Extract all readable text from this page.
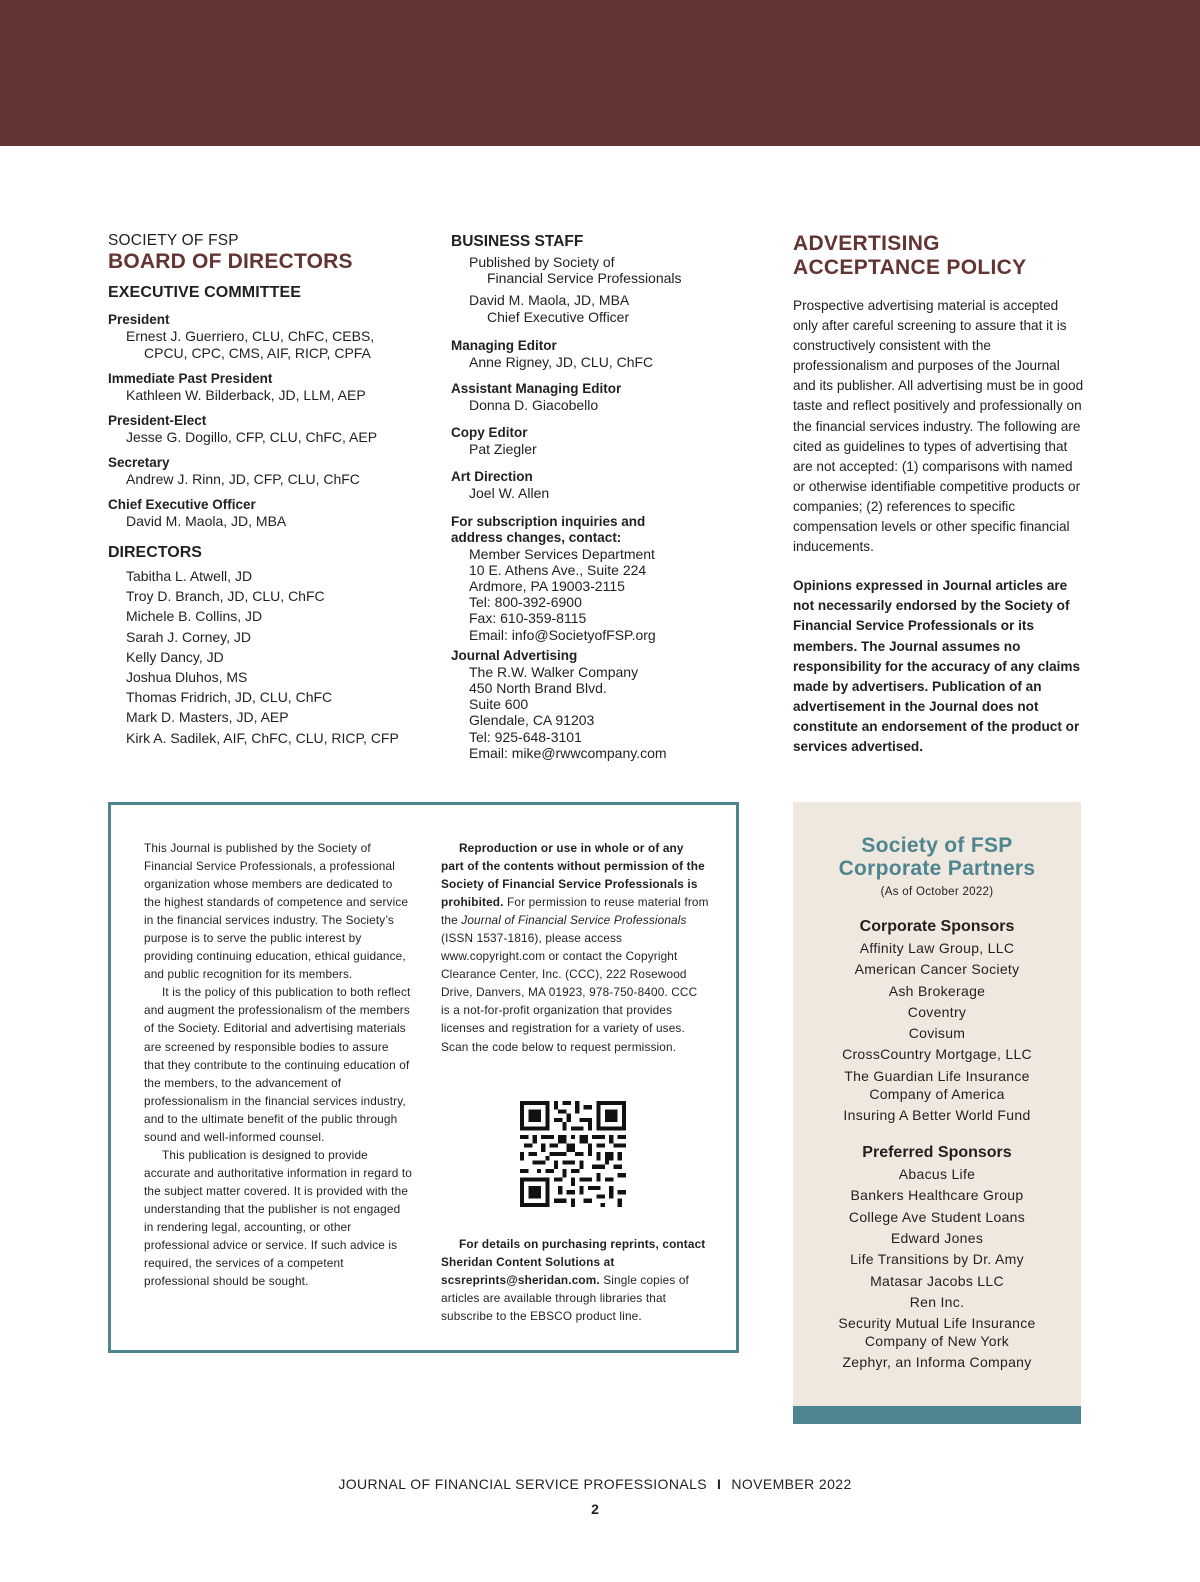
SOCIETY OF FSP
BOARD OF DIRECTORS
EXECUTIVE COMMITTEE
President
Ernest J. Guerriero, CLU, ChFC, CEBS,
CPCU, CPC, CMS, AIF, RICP, CPFA
Immediate Past President
Kathleen W. Bilderback, JD, LLM, AEP
President-Elect
Jesse G. Dogillo, CFP, CLU, ChFC, AEP
Secretary
Andrew J. Rinn, JD, CFP, CLU, ChFC
Chief Executive Officer
David M. Maola, JD, MBA
DIRECTORS
Tabitha L. Atwell, JD
Troy D. Branch, JD, CLU, ChFC
Michele B. Collins, JD
Sarah J. Corney, JD
Kelly Dancy, JD
Joshua Dluhos, MS
Thomas Fridrich, JD, CLU, ChFC
Mark D. Masters, JD, AEP
Kirk A. Sadilek, AIF, ChFC, CLU, RICP, CFP
BUSINESS STAFF
Published by Society of
Financial Service Professionals
David M. Maola, JD, MBA
Chief Executive Officer
Managing Editor
Anne Rigney, JD, CLU, ChFC
Assistant Managing Editor
Donna D. Giacobello
Copy Editor
Pat Ziegler
Art Direction
Joel W. Allen
For subscription inquiries and
address changes, contact:
Member Services Department
10 E. Athens Ave., Suite 224
Ardmore, PA 19003-2115
Tel: 800-392-6900
Fax: 610-359-8115
Email: info@SocietyofFSP.org
Journal Advertising
The R.W. Walker Company
450 North Brand Blvd.
Suite 600
Glendale, CA 91203
Tel: 925-648-3101
Email: mike@rwwcompany.com
ADVERTISING
ACCEPTANCE POLICY
Prospective advertising material is accepted only after careful screening to assure that it is constructively consistent with the professionalism and purposes of the Journal and its publisher. All advertising must be in good taste and reflect positively and professionally on the financial services industry. The following are cited as guidelines to types of advertising that are not accepted: (1) comparisons with named or otherwise identifiable competitive products or companies; (2) references to specific compensation levels or other specific financial inducements.
Opinions expressed in Journal articles are not necessarily endorsed by the Society of Financial Service Professionals or its members. The Journal assumes no responsibility for the accuracy of any claims made by advertisers. Publication of an advertisement in the Journal does not constitute an endorsement of the product or services advertised.

This Journal is published by the Society of Financial Service Professionals, a professional organization whose members are dedicated to the highest standards of competence and service in the financial services industry. The Society’s purpose is to serve the public interest by providing continuing education, ethical guidance, and public recognition for its members.

It is the policy of this publication to both reflect and augment the professionalism of the members of the Society. Editorial and advertising materials are screened by responsible bodies to assure that they contribute to the continuing education of the members, to the advancement of professionalism in the financial services industry, and to the ultimate benefit of the public through sound and well-informed counsel.

This publication is designed to provide accurate and authoritative information in regard to the subject matter covered. It is provided with the understanding that the publisher is not engaged in rendering legal, accounting, or other professional advice or service. If such advice is required, the services of a competent professional should be sought.

Reproduction or use in whole or of any part of the contents without permission of the Society of Financial Service Professionals is prohibited. For permission to reuse material from the Journal of Financial Service Professionals (ISSN 1537-1816), please access www.copyright.com or contact the Copyright Clearance Center, Inc. (CCC), 222 Rosewood Drive, Danvers, MA 01923, 978-750-8400. CCC is a not-for-profit organization that provides licenses and registration for a variety of uses. Scan the code below to request permission.

For details on purchasing reprints, contact Sheridan Content Solutions at scsreprints@sheridan.com. Single copies of articles are available through libraries that subscribe to the EBSCO product line.
Society of FSP
Corporate Partners
(As of October 2022)
Corporate Sponsors
Affinity Law Group, LLC
American Cancer Society
Ash Brokerage
Coventry
Covisum
CrossCountry Mortgage, LLC
The Guardian Life Insurance
Company of America
Insuring A Better World Fund
Preferred Sponsors
Abacus Life
Bankers Healthcare Group
College Ave Student Loans
Edward Jones
Life Transitions by Dr. Amy
Matasar Jacobs LLC
Ren Inc.
Security Mutual Life Insurance
Company of New York
Zephyr, an Informa Company
JOURNAL OF FINANCIAL SERVICE PROFESSIONALS I NOVEMBER 2022
2
